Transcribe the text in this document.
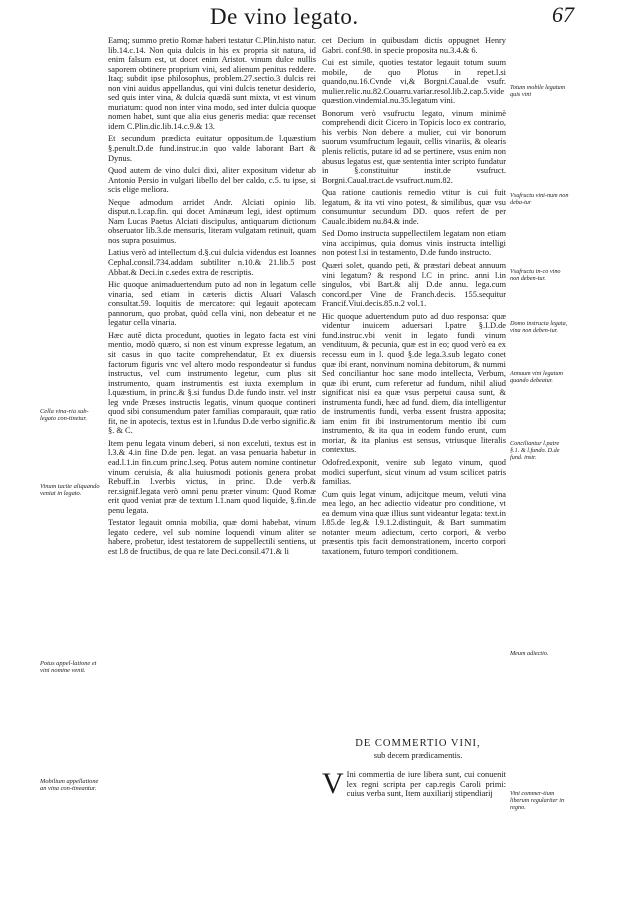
De vino legato.	67

Eamq; summo pretio Romæ haberi testatur C.Plin.histo natur. lib.14.c.14. Non quia dulcis in his ex propria sit natura, id enim falsum est, ut docet enim Aristot. vinum dulce nullis saporem obtinere proprium vini, sed alienum penitus reddere. Itaq; subdit ipse philosophus, problem.27.sectio.3 dulcis rei non vini auidus appellandus, qui vini dulcis tenetur desiderio, sed quis inter vina, & dulcia quædā sunt mixta, vt est vinum muriatum: quod non inter vina modo, sed inter dulcia quoque nomen habet, sunt que alia eius generis media: quæ recenset idem C.Plin.dic.lib.14.c.9.& 13.

Et secundum prædicta euitatur oppositum.de l.quæstium §.penult.D.de fund.instruc.in quo valde laborant Bart & Dynus.

Quod autem de vino dulci dixi, aliter expositum videtur ab Antonio Persio in vulgari libello del ber caldo, c.5. tu ipse, si scis elige meliora.

Neque admodum arridet Andr. Alciati opinio lib. disput.n.1.cap.fin. qui docet Aminæum legi, idest optimum Nam Lucas Paetus Alciati discipulus, antiquarum dictionum obseruator lib.3.de mensuris, literam vulgatam retinuit, quam nos supra posuimus.

Latius verò ad intellectum d.§.cui dulcia videndus est Ioannes Cephal.consil.734.addam subtiliter n.10.& 21.lib.5 post Abbat.& Deci.in c.sedes extra de rescriptis.

Hic quoque animaduertendum puto ad non in legatum celle vinaria, sed etiam in cæteris dictis Aluari Valasch consultat.59. loquitis de mercatore: qui legauit apotecam pannorum, quo probat, quòd cella vini, non debeatur et ne legatur cella vinaria.

Hæc autē dicta procedunt, quoties in legato facta est vini mentio, modò quæro, si non est vinum expresse legatum, an sit casus in quo tacite comprehendatur, Et ex diuersis factorum figuris vnc vel altero modo respondeatur si fundus instructus, vel cum instrumento legetur, cum plus sit instrumento, quam instrumentis est iuxta exemplum in l.quæstium, in princ.& §.si fundus D.de fundo instr. vel instr leg vnde Præses instructis legatis, vinum quoque contineri quod sibi consumendum pater familias comparauit, quæ ratio fit, ne in apotecis, textus est in l.fundus D.de verbo signific.& §. & C.

Item penu legata vinum deberi, si non exceluti, textus est in l.3.& 4.in fine D.de pen. legat. an vasa penuaria habetur in ead.l.1.in fin.cum princ.l.seq. Potus autem nomine continetur vinum ceruisia, & alia huiusmodi potionis genera probat Rebuff.in l.verbis victus, in princ. D.de verb.& rer.signif.legata verò omni penu præter vinum: Quod Romæ erit quod veniat præ de textum l.1.nam quod liquide, §.fin.de penu legata.

Testator legauit omnia mobilia, quæ domi habebat, vinum legato cedere, vel sub nomine loquendi vinum aliter se habere, probetur, idest testatorem de suppellectili sentiens, ut est l.8 de fructibus, de qua re late Deci.consil.471.& li

cet Decium in quibusdam dictis oppugnet Henry Gabri. conf.98. in specie proposita nu.3.4.& 6.

Cui est simile, quoties testator legauit totum suum mobile, de quo Plotus in repet.l.si quando,nu.16.Cvnde vi,& Borgni.Caual.de vsufr. mulier.relic.nu.82.Couarru.variar.resol.lib.2.cap.5.vide quæstion.vindemial.nu.35.legatum vini.

Bonorum verò vsufructu legato, vinum minimè comprehendi dicit Cicero in Topicis loco ex contrario, his verbis Non debere a mulier, cui vir bonorum suorum vsumfructum legauit, cellis vinariis, & olearis plenis relictis, putare id ad se pertinere, vsus enim non abusus legatus est, quæ sententia inter scripto fundatur in §.constituitur instit.de vsufruct. Borgni.Caual.tract.de vsufruct.num.82.

Qua ratione cautionis remedio vtitur is cui fuit legatum, & ita vti vino potest, & similibus, quæ vsu consumuntur secundum DD. quos refert de per Caualc.ibidem nu.84.& inde.

Sed Domo instructa suppellectilem legatam non etiam vina accipimus, quia domus vinis instructa intelligi non potest l.si in testamento, D.de fundo instructo.

Quæri solet, quando peti, & præstari debeat annuum vini legatum? & respond l.C in princ. anni l.in singulos, vbi Bart.& alij D.de annu. lega.cum concord.per Vine de Franch.decis. 155.sequitur Francif.Viui.decis.85.n.2 vol.1.

Hic quoque aduertendum puto ad duo responsa: quæ videntur inuicem aduersari l.patre §.I.D.de fund.instruc.vbi venit in legato fundi vinum vendituum, & pecunia, quæ est in eo; quod verò ea ex recessu eum in l. quod §.de lega.3.sub legato conet quæ ibi erant, nonvinum nomina debitorum, & nummi Sed conciliantur hoc sane modo intellecta, Verbum, quæ ibi erunt, cum referetur ad fundum, nihil aliud significat nisi ea quæ vsus perpetui causa sunt, & instrumenta fundi, hæc ad fund. diem, dia intelligentur de instrumentis fundi, verba essent frustra apposita; iam enim fit ibi instrumentorum mentio ibi cum instrumento, & ita qua in eodem fundo erunt, cum moriar, & ita planius est sensus, vtriusque literalis contextus.

Odofred.exponit, venire sub legato vinum, quod modici superfunt, sicut vinum ad vsum scilicet patris familias.

Cum quis legat vinum, adijcitque meum, veluti vina mea lego, an hec adiectio videatur pro conditione, vt ea demum vina quæ illius sunt videantur legata: text.in l.85.de leg.& l.9.1.2.distinguit, & Bart summatim notanter meum adiectum, certo corpori, & verbo præsentis tpis facit demonstrationem, incerto corpori taxationem, futuro tempori conditionem.

DE COMMERTIO VINI,
sub decem prædicamentis.
V Ini commertia de iure libera sunt, cui conuenit lex regni scripta per cap.regis Caroli primi: cuius verba sunt, Item auxiliarij stipendiarij
Cella vina-ria sub-legato con-tinetur.
Vinum tacite aliquando veniat in legato.
Potus appel-latione et vini nomine venit.
Mobilium appellatione an vina con-tineantur.
Totum mobile legatum quis vini
Vsufructu vini-num non deba-tur
Vsufructu in-co vino non deben-tur.
Domo instructa legata, vina non deben-tur.
Annuum vini legatum quando debeatur.
Conciliantur l.patre §.1. & l.fundo. D.de fund. instr.
Meum adiectio.
Vini commer-tium liberum regulariter in regno.
